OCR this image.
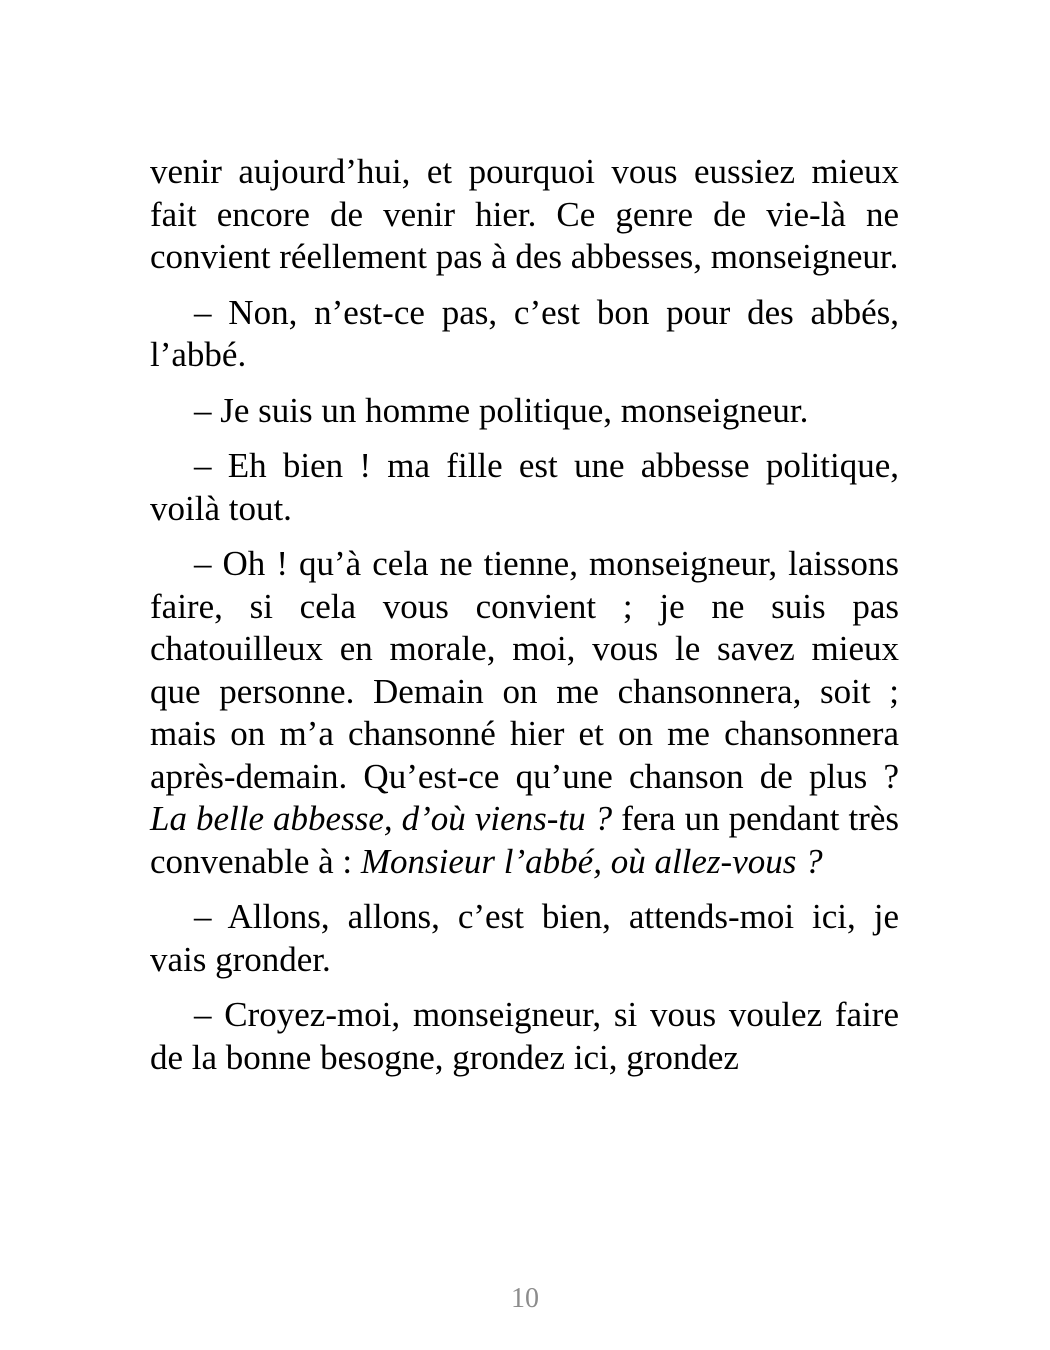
venir aujourd’hui, et pourquoi vous eussiez mieux fait encore de venir hier. Ce genre de vie-là ne convient réellement pas à des abbesses, monseigneur.

– Non, n’est-ce pas, c’est bon pour des abbés, l’abbé.

– Je suis un homme politique, monseigneur.

– Eh bien ! ma fille est une abbesse politique, voilà tout.

– Oh ! qu’à cela ne tienne, monseigneur, laissons faire, si cela vous convient ; je ne suis pas chatouilleux en morale, moi, vous le savez mieux que personne. Demain on me chansonnera, soit ; mais on m’a chansonné hier et on me chansonnera après-demain. Qu’est-ce qu’une chanson de plus ? La belle abbesse, d’où viens-tu ? fera un pendant très convenable à : Monsieur l’abbé, où allez-vous ?

– Allons, allons, c’est bien, attends-moi ici, je vais gronder.

– Croyez-moi, monseigneur, si vous voulez faire de la bonne besogne, grondez ici, grondez

10
